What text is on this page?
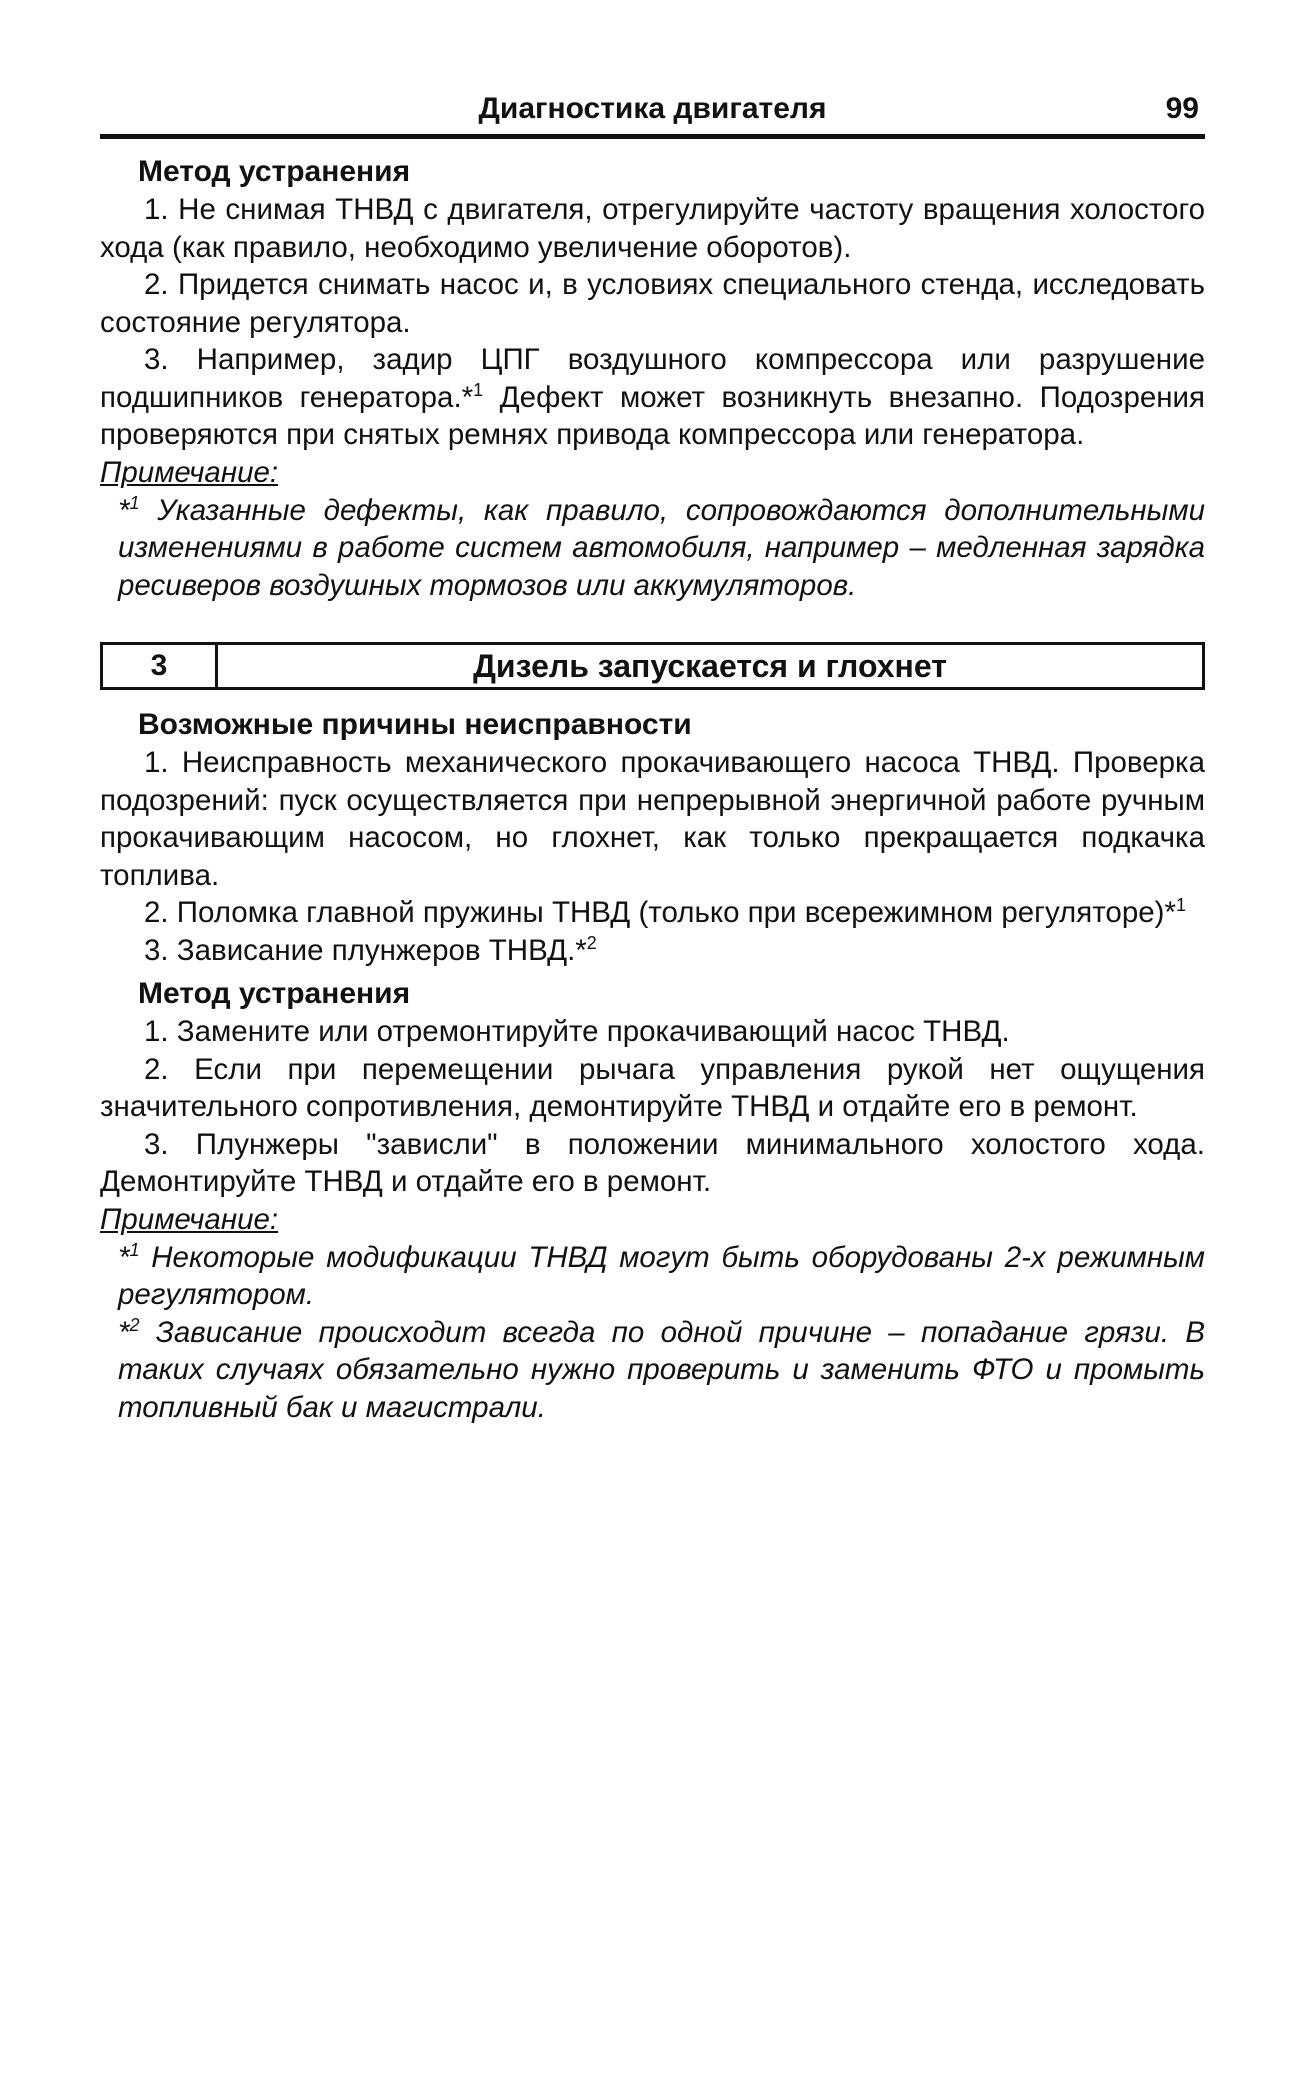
Диагностика двигателя	99
Метод устранения

1. Не снимая ТНВД с двигателя, отрегулируйте частоту вращения холостого хода (как правило, необходимо увеличение оборотов).

2. Придется снимать насос и, в условиях специального стенда, исследовать состояние регулятора.

3. Например, задир ЦПГ воздушного компрессора или разрушение подшипников генератора.*$^1$ Дефект может возникнуть внезапно. Подозрения проверяются при снятых ремнях привода компрессора или генератора.

Примечание:
*$^1$ Указанные дефекты, как правило, сопровождаются дополнительными изменениями в работе систем автомобиля, например – медленная зарядка ресиверов воздушных тормозов или аккумуляторов.
3	Дизель запускается и глохнет
Возможные причины неисправности

1. Неисправность механического прокачивающего насоса ТНВД. Проверка подозрений: пуск осуществляется при непрерывной энергичной работе ручным прокачивающим насосом, но глохнет, как только прекращается подкачка топлива.

2. Поломка главной пружины ТНВД (только при всережимном регуляторе)*$^1$

3. Зависание плунжеров ТНВД.*$^2$

Метод устранения

1. Замените или отремонтируйте прокачивающий насос ТНВД.

2. Если при перемещении рычага управления рукой нет ощущения значительного сопротивления, демонтируйте ТНВД и отдайте его в ремонт.

3. Плунжеры "зависли" в положении минимального холостого хода. Демонтируйте ТНВД и отдайте его в ремонт.

Примечание:
*$^1$ Некоторые модификации ТНВД могут быть оборудованы 2-х режимным регулятором.
*$^2$ Зависание происходит всегда по одной причине – попадание грязи. В таких случаях обязательно нужно проверить и заменить ФТО и промыть топливный бак и магистрали.
